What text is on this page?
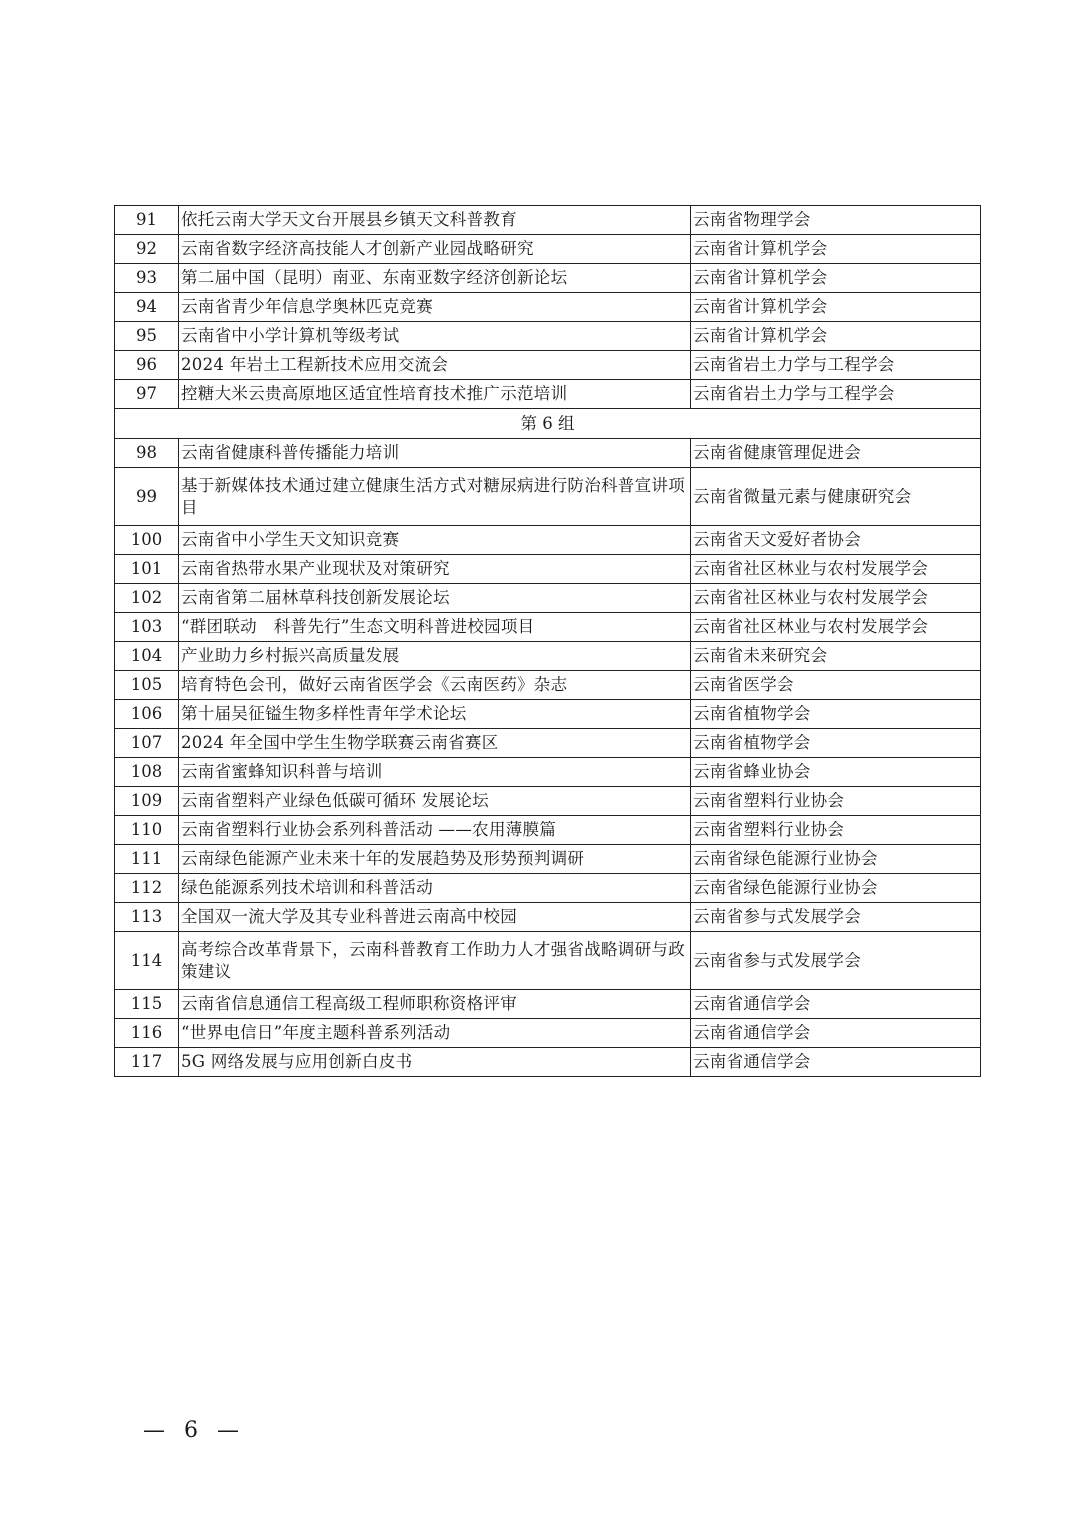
91	依托云南大学天文台开展县乡镇天文科普教育	云南省物理学会
92	云南省数字经济高技能人才创新产业园战略研究	云南省计算机学会
93	第二届中国（昆明）南亚、东南亚数字经济创新论坛	云南省计算机学会
94	云南省青少年信息学奥林匹克竞赛	云南省计算机学会
95	云南省中小学计算机等级考试	云南省计算机学会
96	2024 年岩土工程新技术应用交流会	云南省岩土力学与工程学会
97	控糖大米云贵高原地区适宜性培育技术推广示范培训	云南省岩土力学与工程学会
第 6 组		
98	云南省健康科普传播能力培训	云南省健康管理促进会
99	基于新媒体技术通过建立健康生活方式对糖尿病进行防治科普宣讲项目	云南省微量元素与健康研究会
100	云南省中小学生天文知识竞赛	云南省天文爱好者协会
101	云南省热带水果产业现状及对策研究	云南省社区林业与农村发展学会
102	云南省第二届林草科技创新发展论坛	云南省社区林业与农村发展学会
103	“群团联动　科普先行”生态文明科普进校园项目	云南省社区林业与农村发展学会
104	产业助力乡村振兴高质量发展	云南省未来研究会
105	培育特色会刊，做好云南省医学会《云南医药》杂志	云南省医学会
106	第十届吴征镒生物多样性青年学术论坛	云南省植物学会
107	2024 年全国中学生生物学联赛云南省赛区	云南省植物学会
108	云南省蜜蜂知识科普与培训	云南省蜂业协会
109	云南省塑料产业绿色低碳可循环 发展论坛	云南省塑料行业协会
110	云南省塑料行业协会系列科普活动 ——农用薄膜篇	云南省塑料行业协会
111	云南绿色能源产业未来十年的发展趋势及形势预判调研	云南省绿色能源行业协会
112	绿色能源系列技术培训和科普活动	云南省绿色能源行业协会
113	全国双一流大学及其专业科普进云南高中校园	云南省参与式发展学会
114	高考综合改革背景下，云南科普教育工作助力人才强省战略调研与政策建议	云南省参与式发展学会
115	云南省信息通信工程高级工程师职称资格评审	云南省通信学会
116	“世界电信日”年度主题科普系列活动	云南省通信学会
117	5G 网络发展与应用创新白皮书	云南省通信学会
— 6 —
